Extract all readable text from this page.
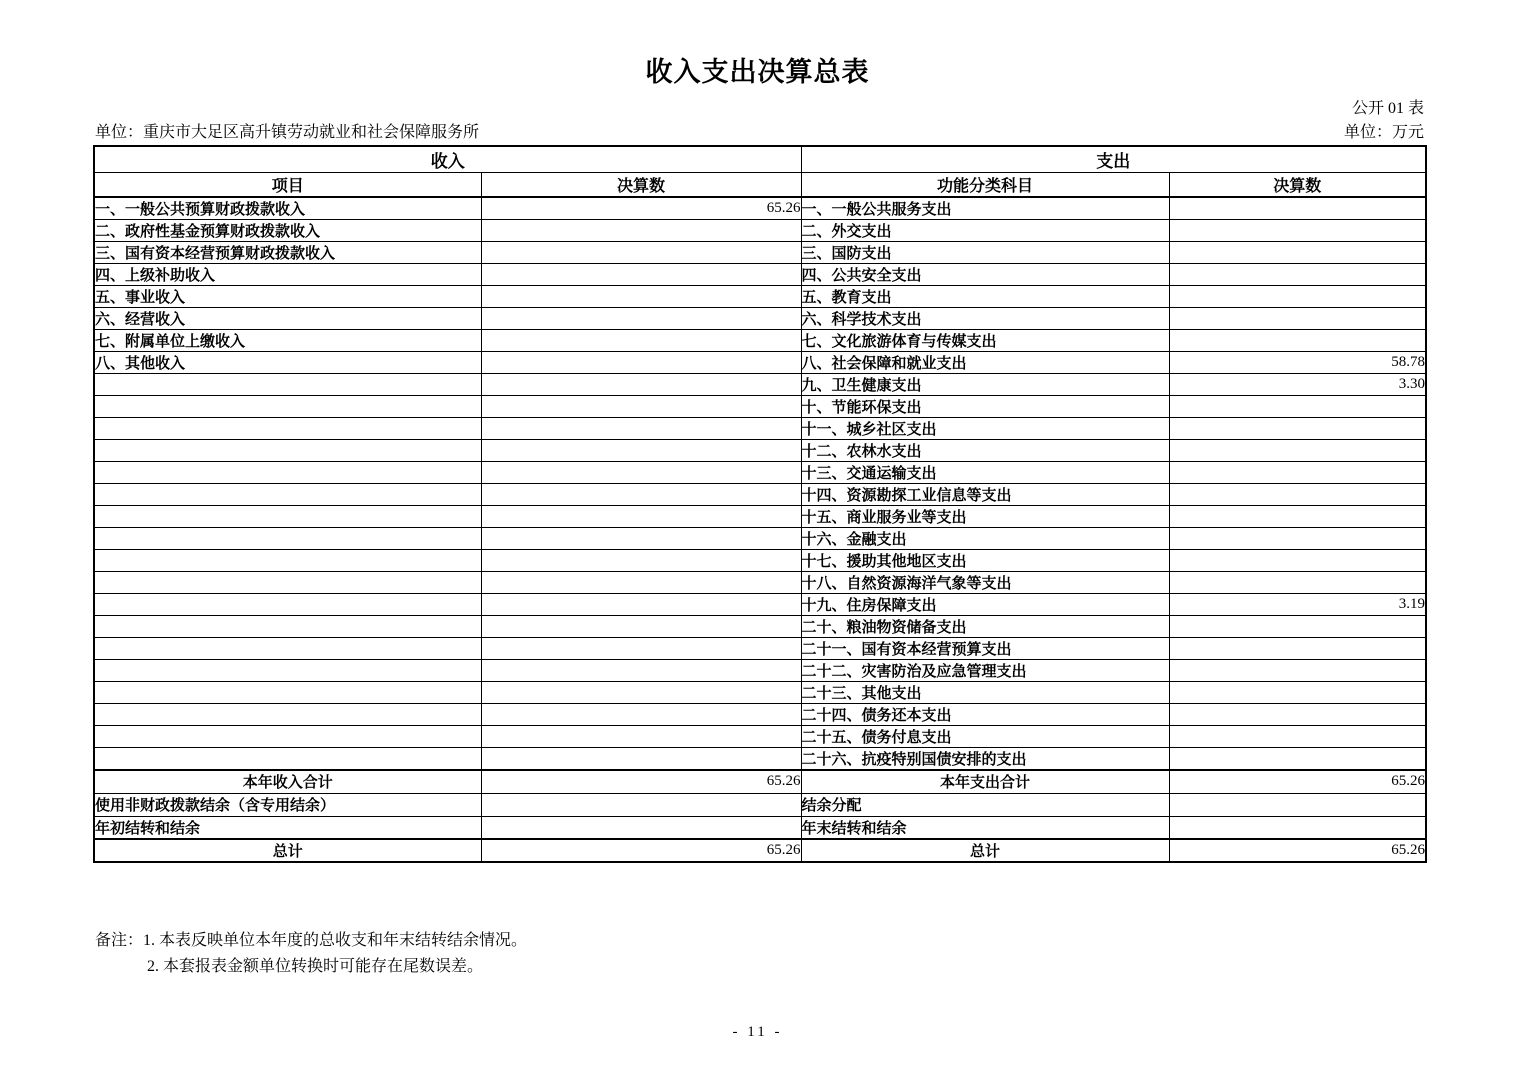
收入支出决算总表
公开 01 表
单位：重庆市大足区高升镇劳动就业和社会保障服务所	单位：万元
收入		支出	
项目	决算数	功能分类科目	决算数
一、一般公共预算财政拨款收入	65.26	一、一般公共服务支出	
二、政府性基金预算财政拨款收入		二、外交支出	
三、国有资本经营预算财政拨款收入		三、国防支出	
四、上级补助收入		四、公共安全支出	
五、事业收入		五、教育支出	
六、经营收入		六、科学技术支出	
七、附属单位上缴收入		七、文化旅游体育与传媒支出	
八、其他收入		八、社会保障和就业支出	58.78
		九、卫生健康支出	3.30
		十、节能环保支出	
		十一、城乡社区支出	
		十二、农林水支出	
		十三、交通运输支出	
		十四、资源勘探工业信息等支出	
		十五、商业服务业等支出	
		十六、金融支出	
		十七、援助其他地区支出	
		十八、自然资源海洋气象等支出	
		十九、住房保障支出	3.19
		二十、粮油物资储备支出	
		二十一、国有资本经营预算支出	
		二十二、灾害防治及应急管理支出	
		二十三、其他支出	
		二十四、债务还本支出	
		二十五、债务付息支出	
		二十六、抗疫特别国债安排的支出	
本年收入合计	65.26	本年支出合计	65.26
使用非财政拨款结余（含专用结余）		结余分配	
年初结转和结余		年末结转和结余	
总计	65.26	总计	65.26
备注：1. 本表反映单位本年度的总收支和年末结转结余情况。
2. 本套报表金额单位转换时可能存在尾数误差。
- 11 -
